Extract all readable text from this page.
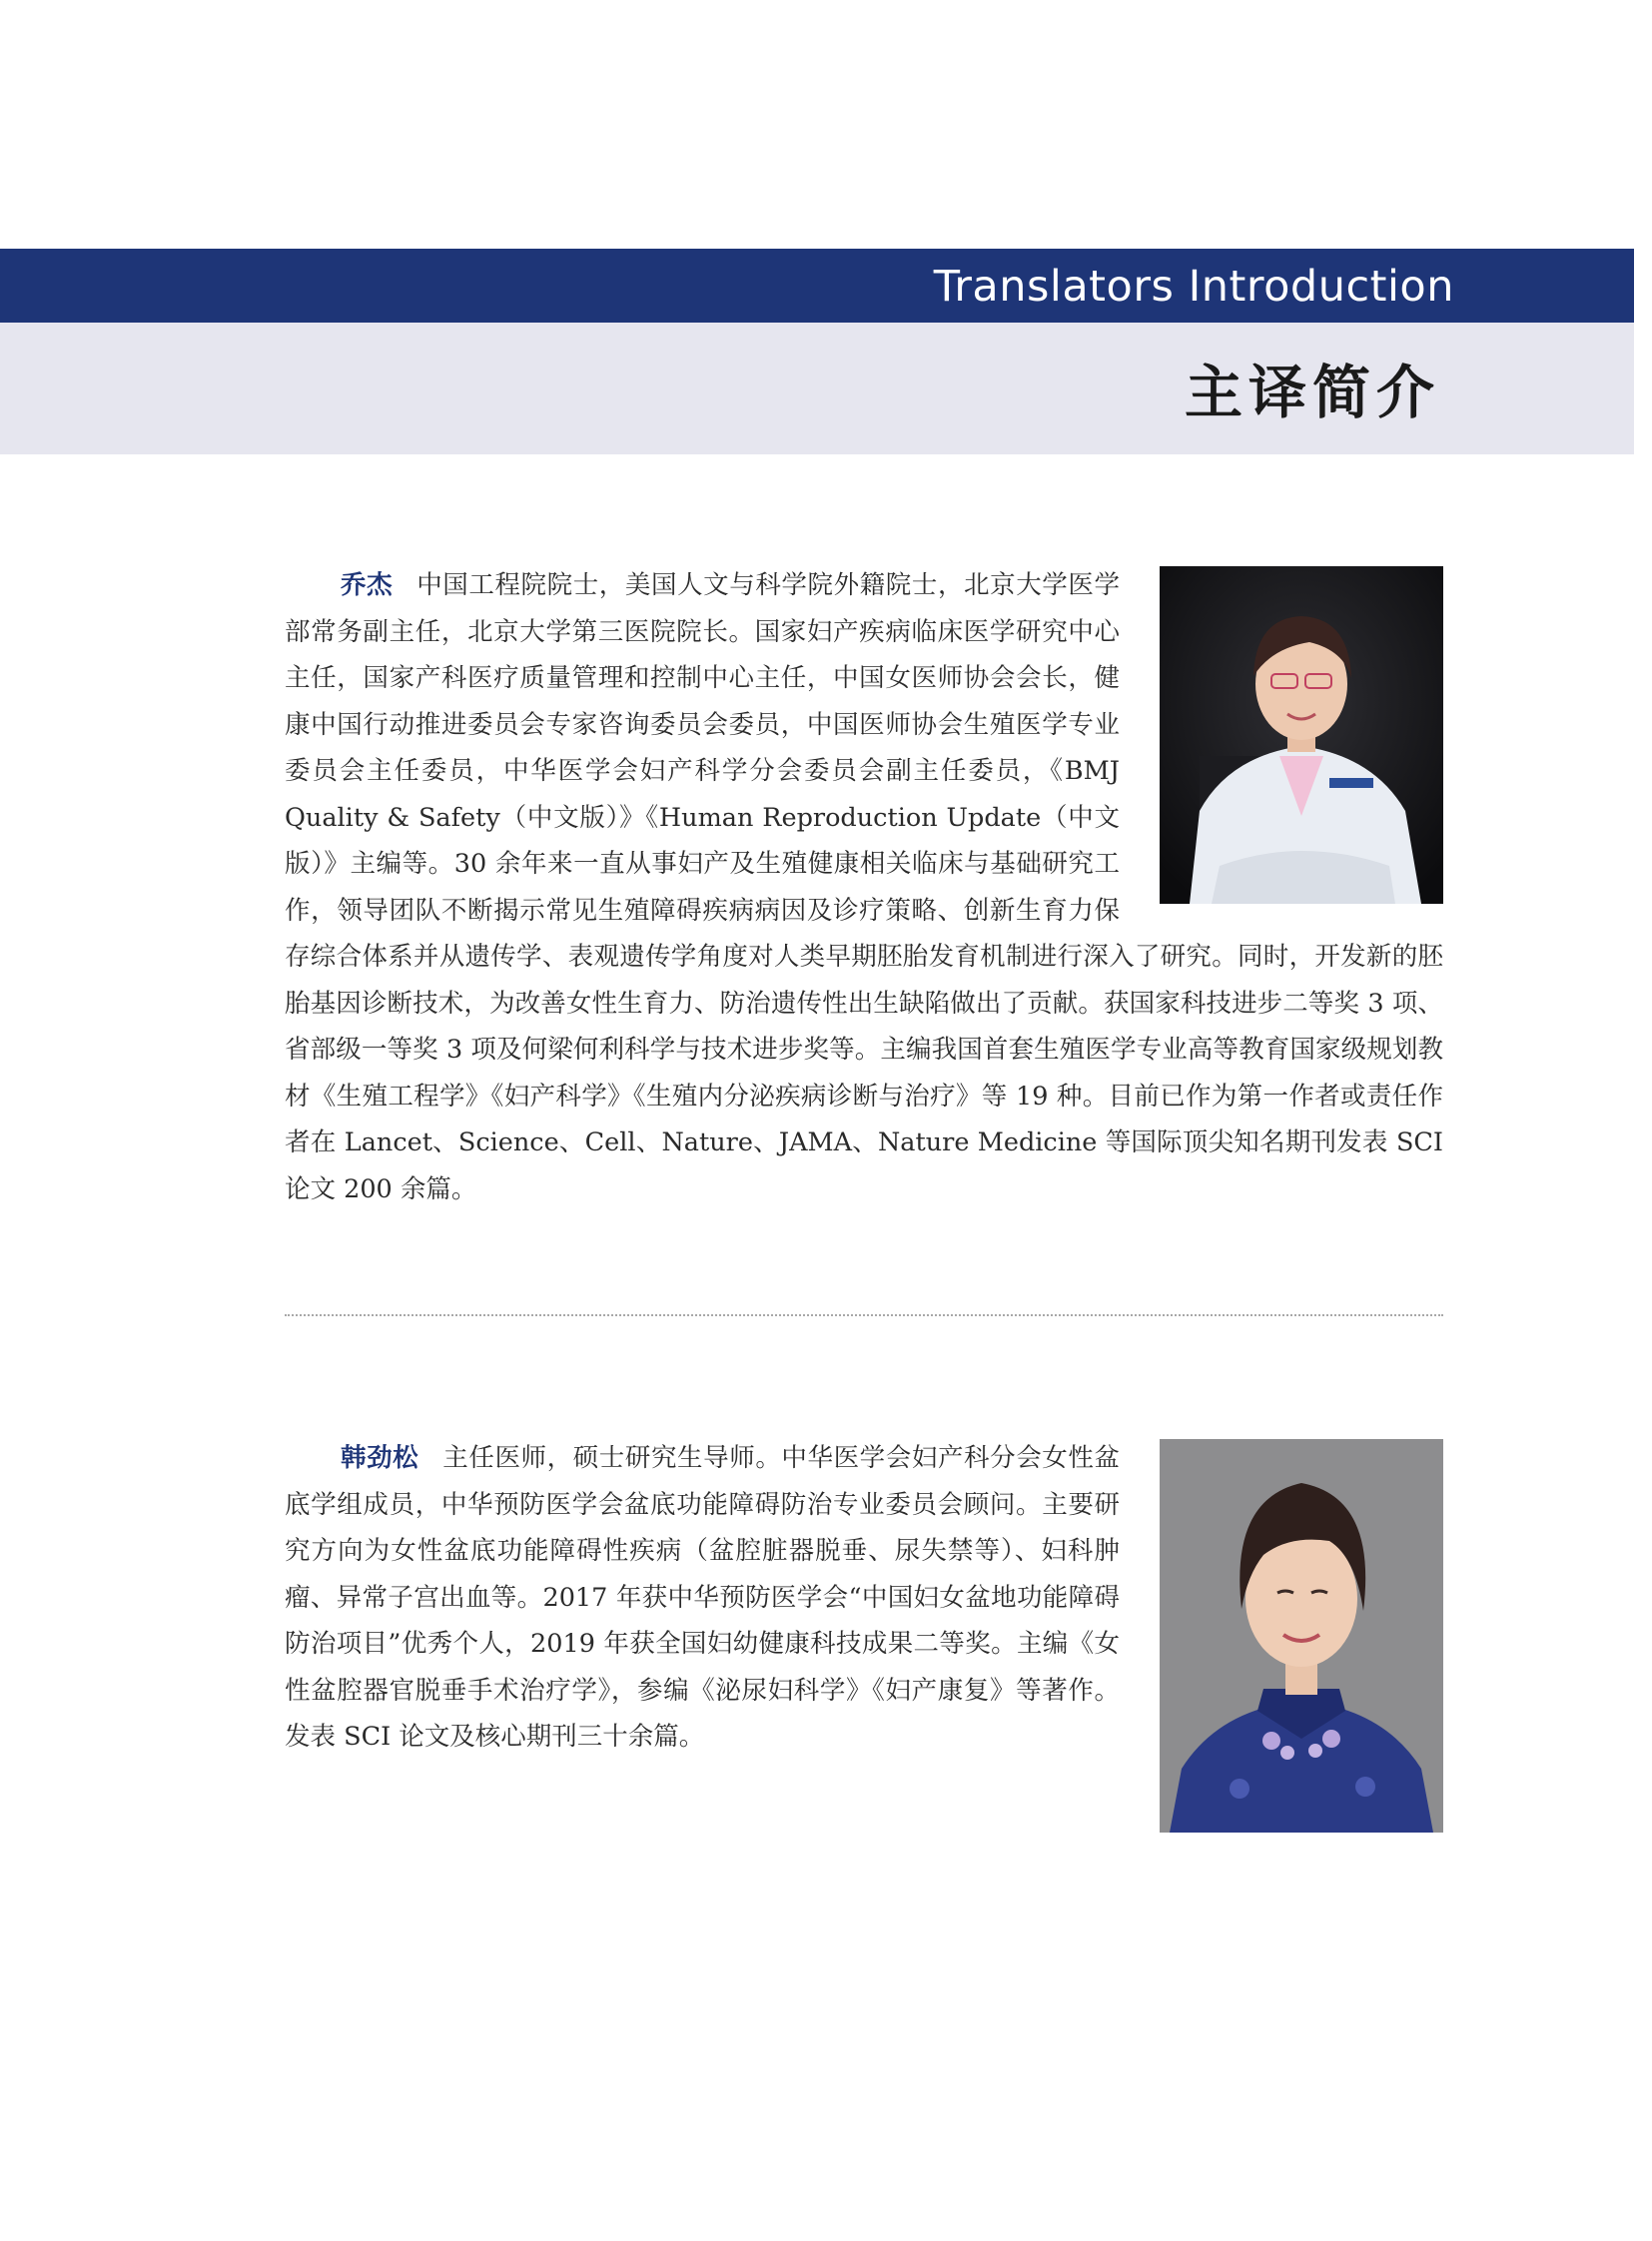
Translators Introduction
主译简介

乔杰 中国工程院院士，美国人文与科学院外籍院士，北京大学医学部常务副主任，北京大学第三医院院长。国家妇产疾病临床医学研究中心主任，国家产科医疗质量管理和控制中心主任，中国女医师协会会长，健康中国行动推进委员会专家咨询委员会委员，中国医师协会生殖医学专业委员会主任委员，中华医学会妇产科学分会委员会副主任委员，《BMJ Quality & Safety（中文版）》《Human Reproduction Update（中文版）》主编等。30 余年来一直从事妇产及生殖健康相关临床与基础研究工作，领导团队不断揭示常见生殖障碍疾病病因及诊疗策略、创新生育力保存综合体系并从遗传学、表观遗传学角度对人类早期胚胎发育机制进行深入了研究。同时，开发新的胚胎基因诊断技术，为改善女性生育力、防治遗传性出生缺陷做出了贡献。获国家科技进步二等奖 3 项、省部级一等奖 3 项及何梁何利科学与技术进步奖等。主编我国首套生殖医学专业高等教育国家级规划教材《生殖工程学》《妇产科学》《生殖内分泌疾病诊断与治疗》等 19 种。目前已作为第一作者或责任作者在 Lancet、Science、Cell、Nature、JAMA、Nature Medicine 等国际顶尖知名期刊发表 SCI 论文 200 余篇。

韩劲松 主任医师，硕士研究生导师。中华医学会妇产科分会女性盆底学组成员，中华预防医学会盆底功能障碍防治专业委员会顾问。主要研究方向为女性盆底功能障碍性疾病（盆腔脏器脱垂、尿失禁等）、妇科肿瘤、异常子宫出血等。2017 年获中华预防医学会“中国妇女盆地功能障碍防治项目”优秀个人，2019 年获全国妇幼健康科技成果二等奖。主编《女性盆腔器官脱垂手术治疗学》，参编《泌尿妇科学》《妇产康复》等著作。发表 SCI 论文及核心期刊三十余篇。
